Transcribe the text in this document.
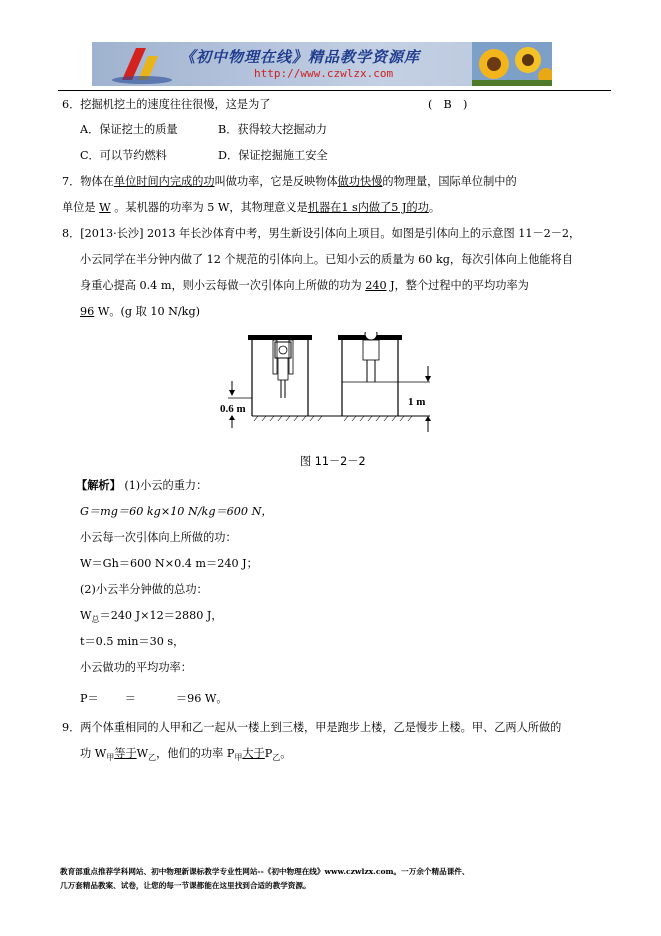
《初中物理在线》精品教学资源库
http://www.czwlzx.com
6．挖掘机挖土的速度往往很慢，这是为了	(　B　)
A．保证挖土的质量	B．获得较大挖掘动力
C．可以节约燃料	D．保证挖掘施工安全
7．物体在单位时间内完成的功叫做功率，它是反映物体做功快慢的物理量，国际单位制中的
单位是 W 。某机器的功率为 5 W，其物理意义是机器在1 s内做了5 J的功。
8．[2013·长沙] 2013 年长沙体育中考，男生新设引体向上项目。如图是引体向上的示意图 11－2－2，
小云同学在半分钟内做了 12 个规范的引体向上。已知小云的质量为 60 kg，每次引体向上他能将自
身重心提高 0.4 m，则小云每做一次引体向上所做的功为 240 J，整个过程中的平均功率为
96 W。(g 取 10 N/kg)
0.6 m
1 m
图 11－2－2
【解析】 (1)小云的重力：
G＝mg＝60 kg×10 N/kg＝600 N，
小云每一次引体向上所做的功：
W＝Gh＝600 N×0.4 m＝240 J；
(2)小云半分钟做的总功：
$W_总=240$ J×12＝2880 J，
t＝0.5 min＝30 s，
小云做功的平均功率：
P＝ ＝	＝96 W。
9．两个体重相同的人甲和乙一起从一楼上到三楼，甲是跑步上楼，乙是慢步上楼。甲、乙两人所做的
功 $W_甲$等于$W_乙$，他们的功率 $P_甲$大于$P_乙$。
教育部重点推荐学科网站、初中物理新课标教学专业性网站--《初中物理在线》www.czwlzx.com。一万余个精品课件、
几万套精品教案、试卷，让您的每一节课都能在这里找到合适的教学资源。
